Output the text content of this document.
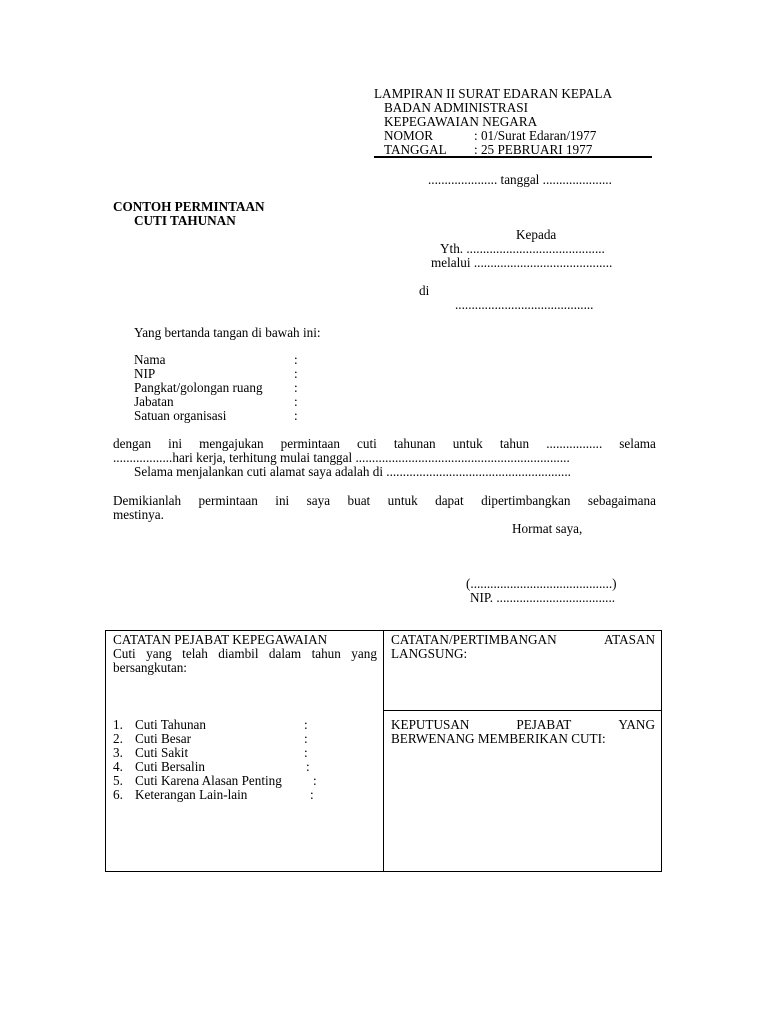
LAMPIRAN II SURAT EDARAN KEPALA
BADAN ADMINISTRASI
KEPEGAWAIAN NEGARA
NOMOR	: 01/Surat Edaran/1977
TANGGAL : 25 PEBRUARI 1977
..................... tanggal .....................
CONTOH PERMINTAAN
CUTI TAHUNAN
Kepada
Yth. ..........................................
melalui ..........................................
di
..........................................
Yang bertanda tangan di bawah ini:
Nama	:
NIP	:
Pangkat/golongan ruang :
Jabatan	:
Satuan organisasi	:
dengan ini mengajukan permintaan cuti tahunan untuk tahun ................. selama
..................hari kerja, terhitung mulai tanggal .................................................................
Selama menjalankan cuti alamat saya adalah di ........................................................
Demikianlah permintaan ini saya buat untuk dapat dipertimbangkan sebagaimana
mestinya.
Hormat saya,
(...........................................)
NIP. ....................................
CATATAN PEJABAT KEPEGAWAIAN
Cuti yang telah diambil dalam tahun yang
bersangkutan:
CATATAN/PERTIMBANGAN	ATASAN
LANGSUNG:
1. Cuti Tahunan	:
2. Cuti Besar	:
3. Cuti Sakit	:
4. Cuti Bersalin	:
5. Cuti Karena Alasan Penting :
6. Keterangan Lain-lain	:
KEPUTUSAN	PEJABAT	YANG
BERWENANG MEMBERIKAN CUTI:
